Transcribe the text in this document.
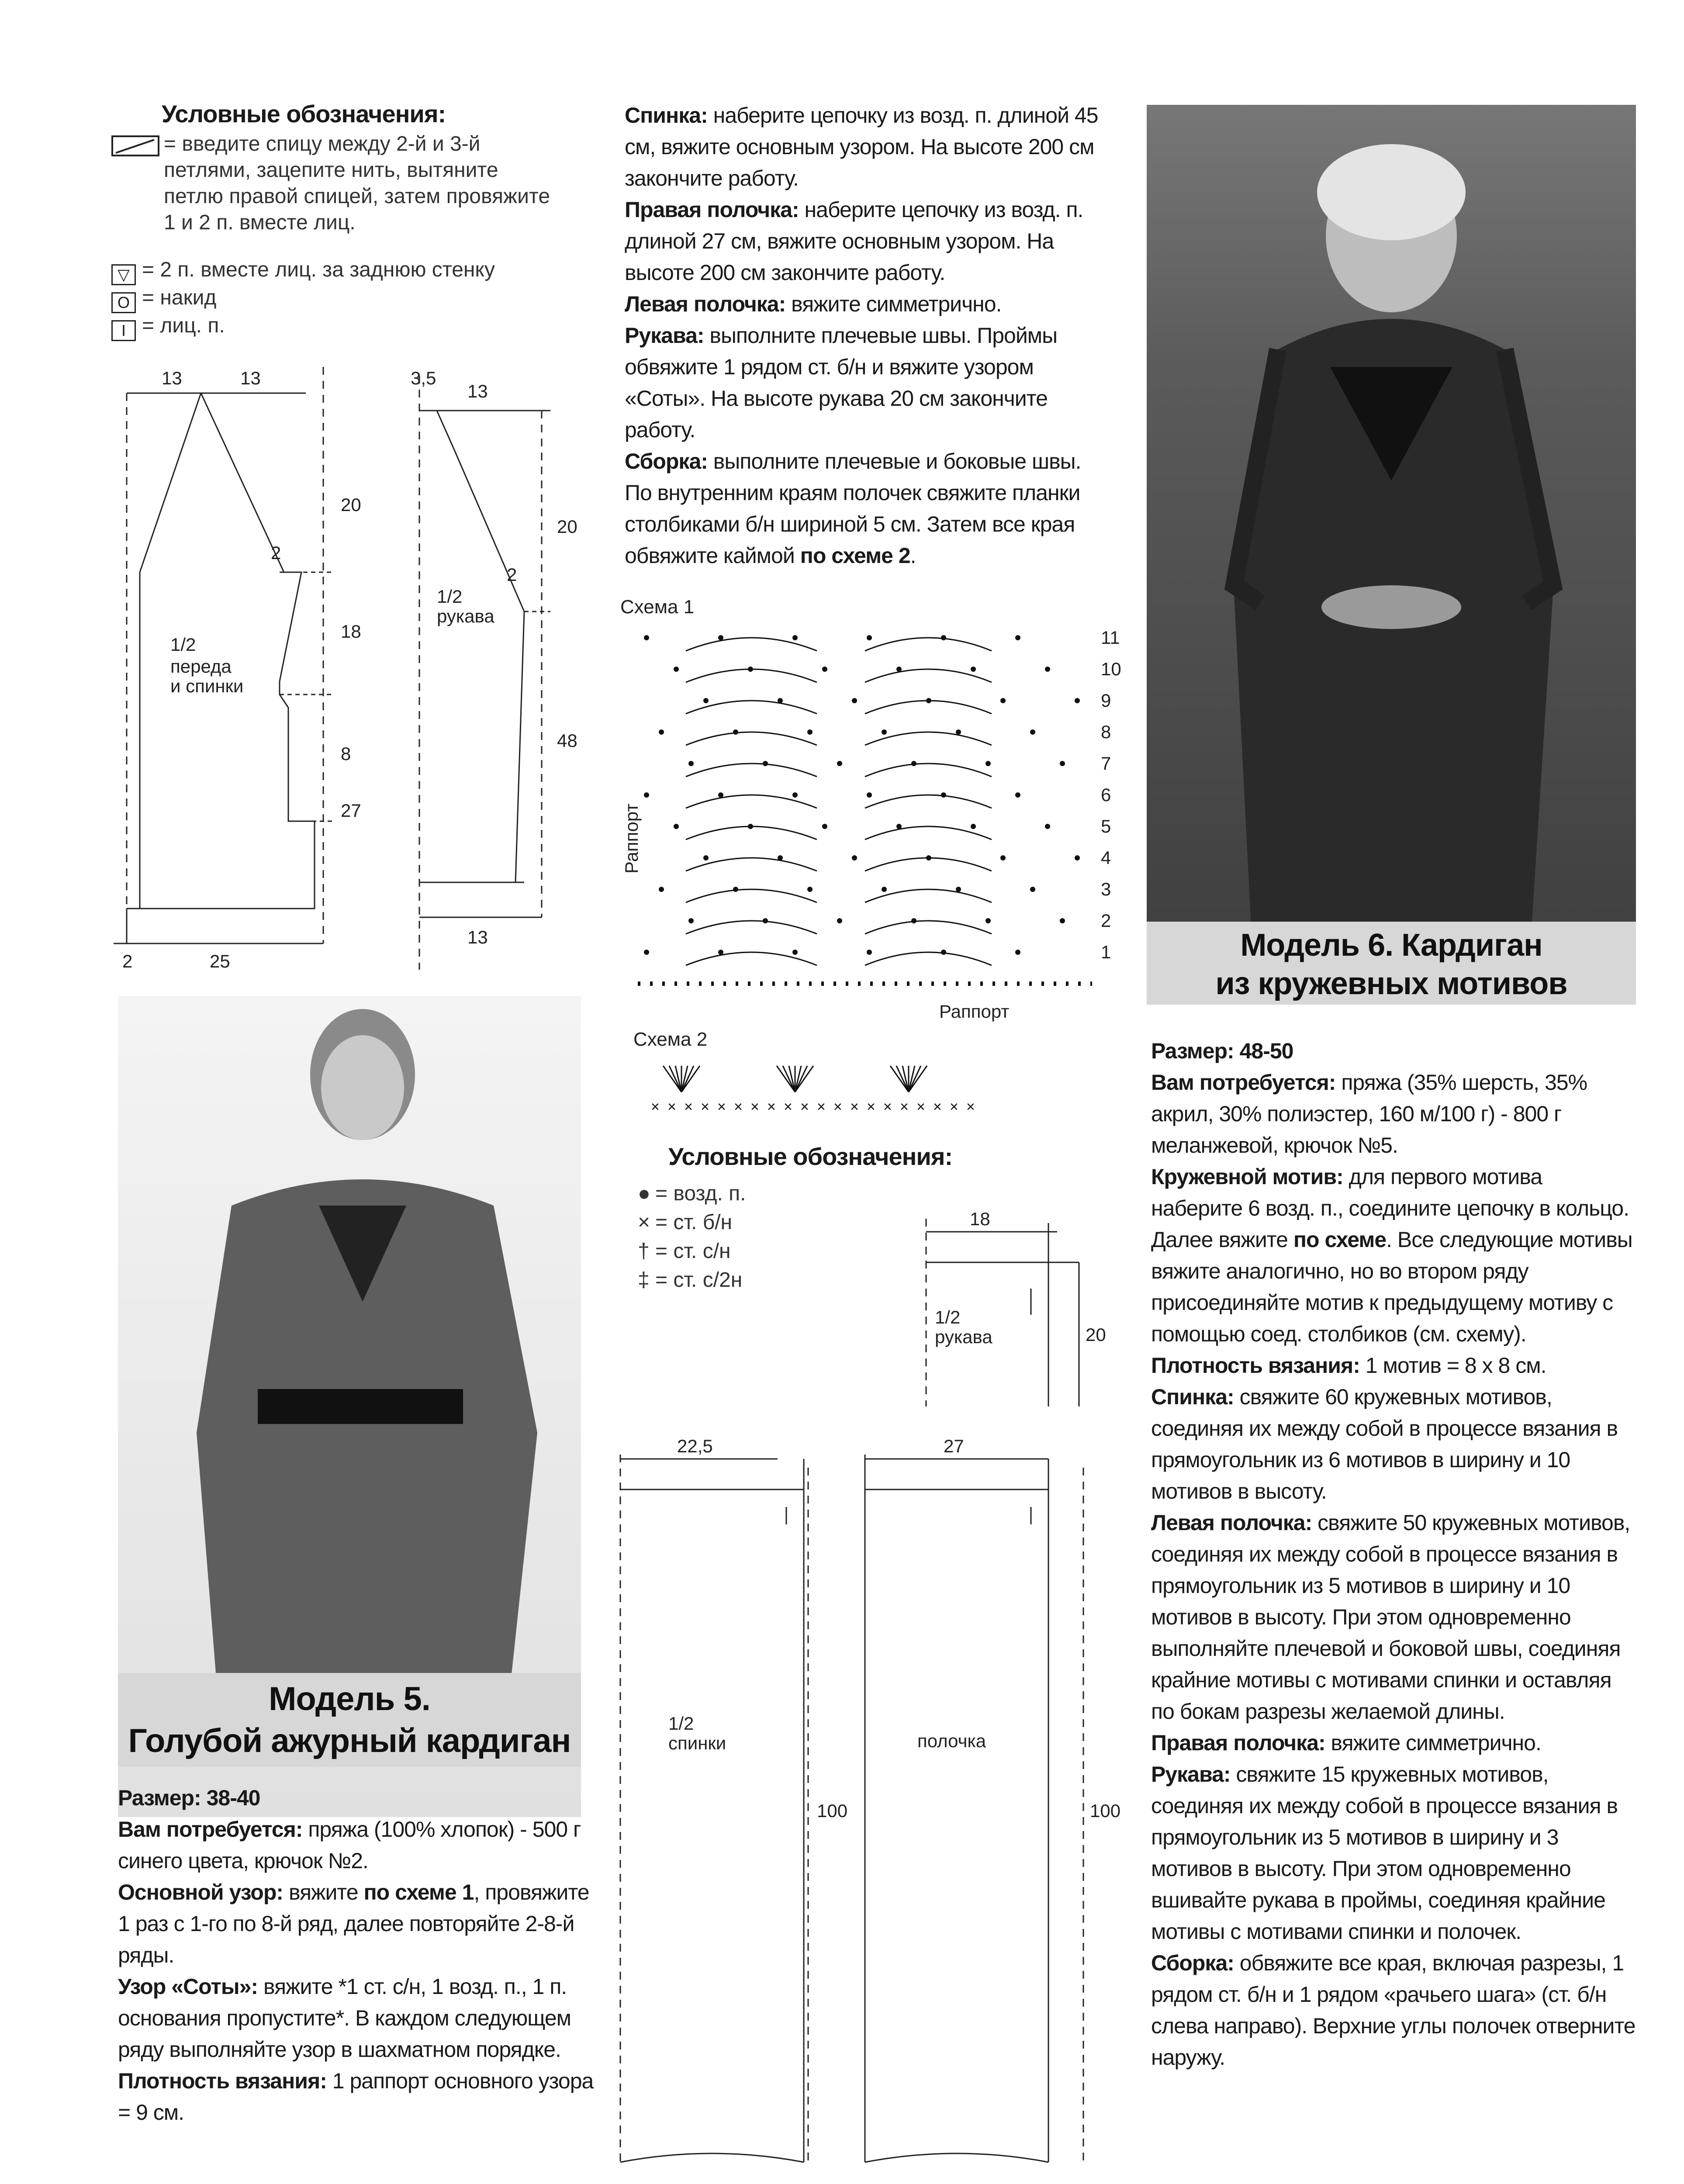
Условные обозначения:
= введите спицу между 2-й и 3-й петлями, зацепите нить, вытяните петлю правой спицей, затем провяжите 1 и 2 п. вместе лиц.
▽ = 2 п. вместе лиц. за заднюю стенку
O = накид
I = лиц. п.
13	13
20
18
8
27
2
2	25
1/2
переда
и спинки
3,5
13
20
48
2
13
1/2
рукава

Спинка: наберите цепочку из возд. п. длиной 45 см, вяжите основным узором. На высоте 200 см закончите работу.

Правая полочка: наберите цепочку из возд. п. длиной 27 см, вяжите основным узором. На высоте 200 см закончите работу.

Левая полочка: вяжите симметрично.

Рукава: выполните плечевые швы. Проймы обвяжите 1 рядом ст. б/н и вяжите узором «Соты». На высоте рукава 20 см закончите работу.

Сборка: выполните плечевые и боковые швы. По внутренним краям полочек свяжите планки столбиками б/н шириной 5 см. Затем все края обвяжите каймой по схеме 2.

Схема 1
Раппорт
Раппорт
11
10
9
8
7
6
5
4
3
2
1
Схема 2
× × × × × × × × × × × × × × × × × × × ×
Условные обозначения:
● = возд. п.
× = ст. б/н
† = ст. с/н
‡ = ст. с/2н
18
20
1/2
рукава
22,5
100
1/2
спинки
27
100
полочка
Модель 6. Кардиган
из кружевных мотивов
Модель 5.
Голубой ажурный кардиган

Размер: 38-40

Вам потребуется: пряжа (100% хлопок) - 500 г синего цвета, крючок №2.

Основной узор: вяжите по схеме 1, провяжите 1 раз с 1-го по 8-й ряд, далее повторяйте 2-8-й ряды.

Узор «Соты»: вяжите *1 ст. с/н, 1 возд. п., 1 п. основания пропустите*. В каждом следующем ряду выполняйте узор в шахматном порядке.

Плотность вязания: 1 раппорт основного узора = 9 см.

Размер: 48-50

Вам потребуется: пряжа (35% шерсть, 35% акрил, 30% полиэстер, 160 м/100 г) - 800 г меланжевой, крючок №5.

Кружевной мотив: для первого мотива наберите 6 возд. п., соедините цепочку в кольцо. Далее вяжите по схеме. Все следующие мотивы вяжите аналогично, но во втором ряду присоединяйте мотив к предыдущему мотиву с помощью соед. столбиков (см. схему).

Плотность вязания: 1 мотив = 8 х 8 см.

Спинка: свяжите 60 кружевных мотивов, соединяя их между собой в процессе вязания в прямоугольник из 6 мотивов в ширину и 10 мотивов в высоту.

Левая полочка: свяжите 50 кружевных мотивов, соединяя их между собой в процессе вязания в прямоугольник из 5 мотивов в ширину и 10 мотивов в высоту. При этом одновременно выполняйте плечевой и боковой швы, соединяя крайние мотивы с мотивами спинки и оставляя по бокам разрезы желаемой длины.

Правая полочка: вяжите симметрично.

Рукава: свяжите 15 кружевных мотивов, соединяя их между собой в процессе вязания в прямоугольник из 5 мотивов в ширину и 3 мотивов в высоту. При этом одновременно вшивайте рукава в проймы, соединяя крайние мотивы с мотивами спинки и полочек.

Сборка: обвяжите все края, включая разрезы, 1 рядом ст. б/н и 1 рядом «рачьего шага» (ст. б/н слева направо). Верхние углы полочек отверните наружу.
